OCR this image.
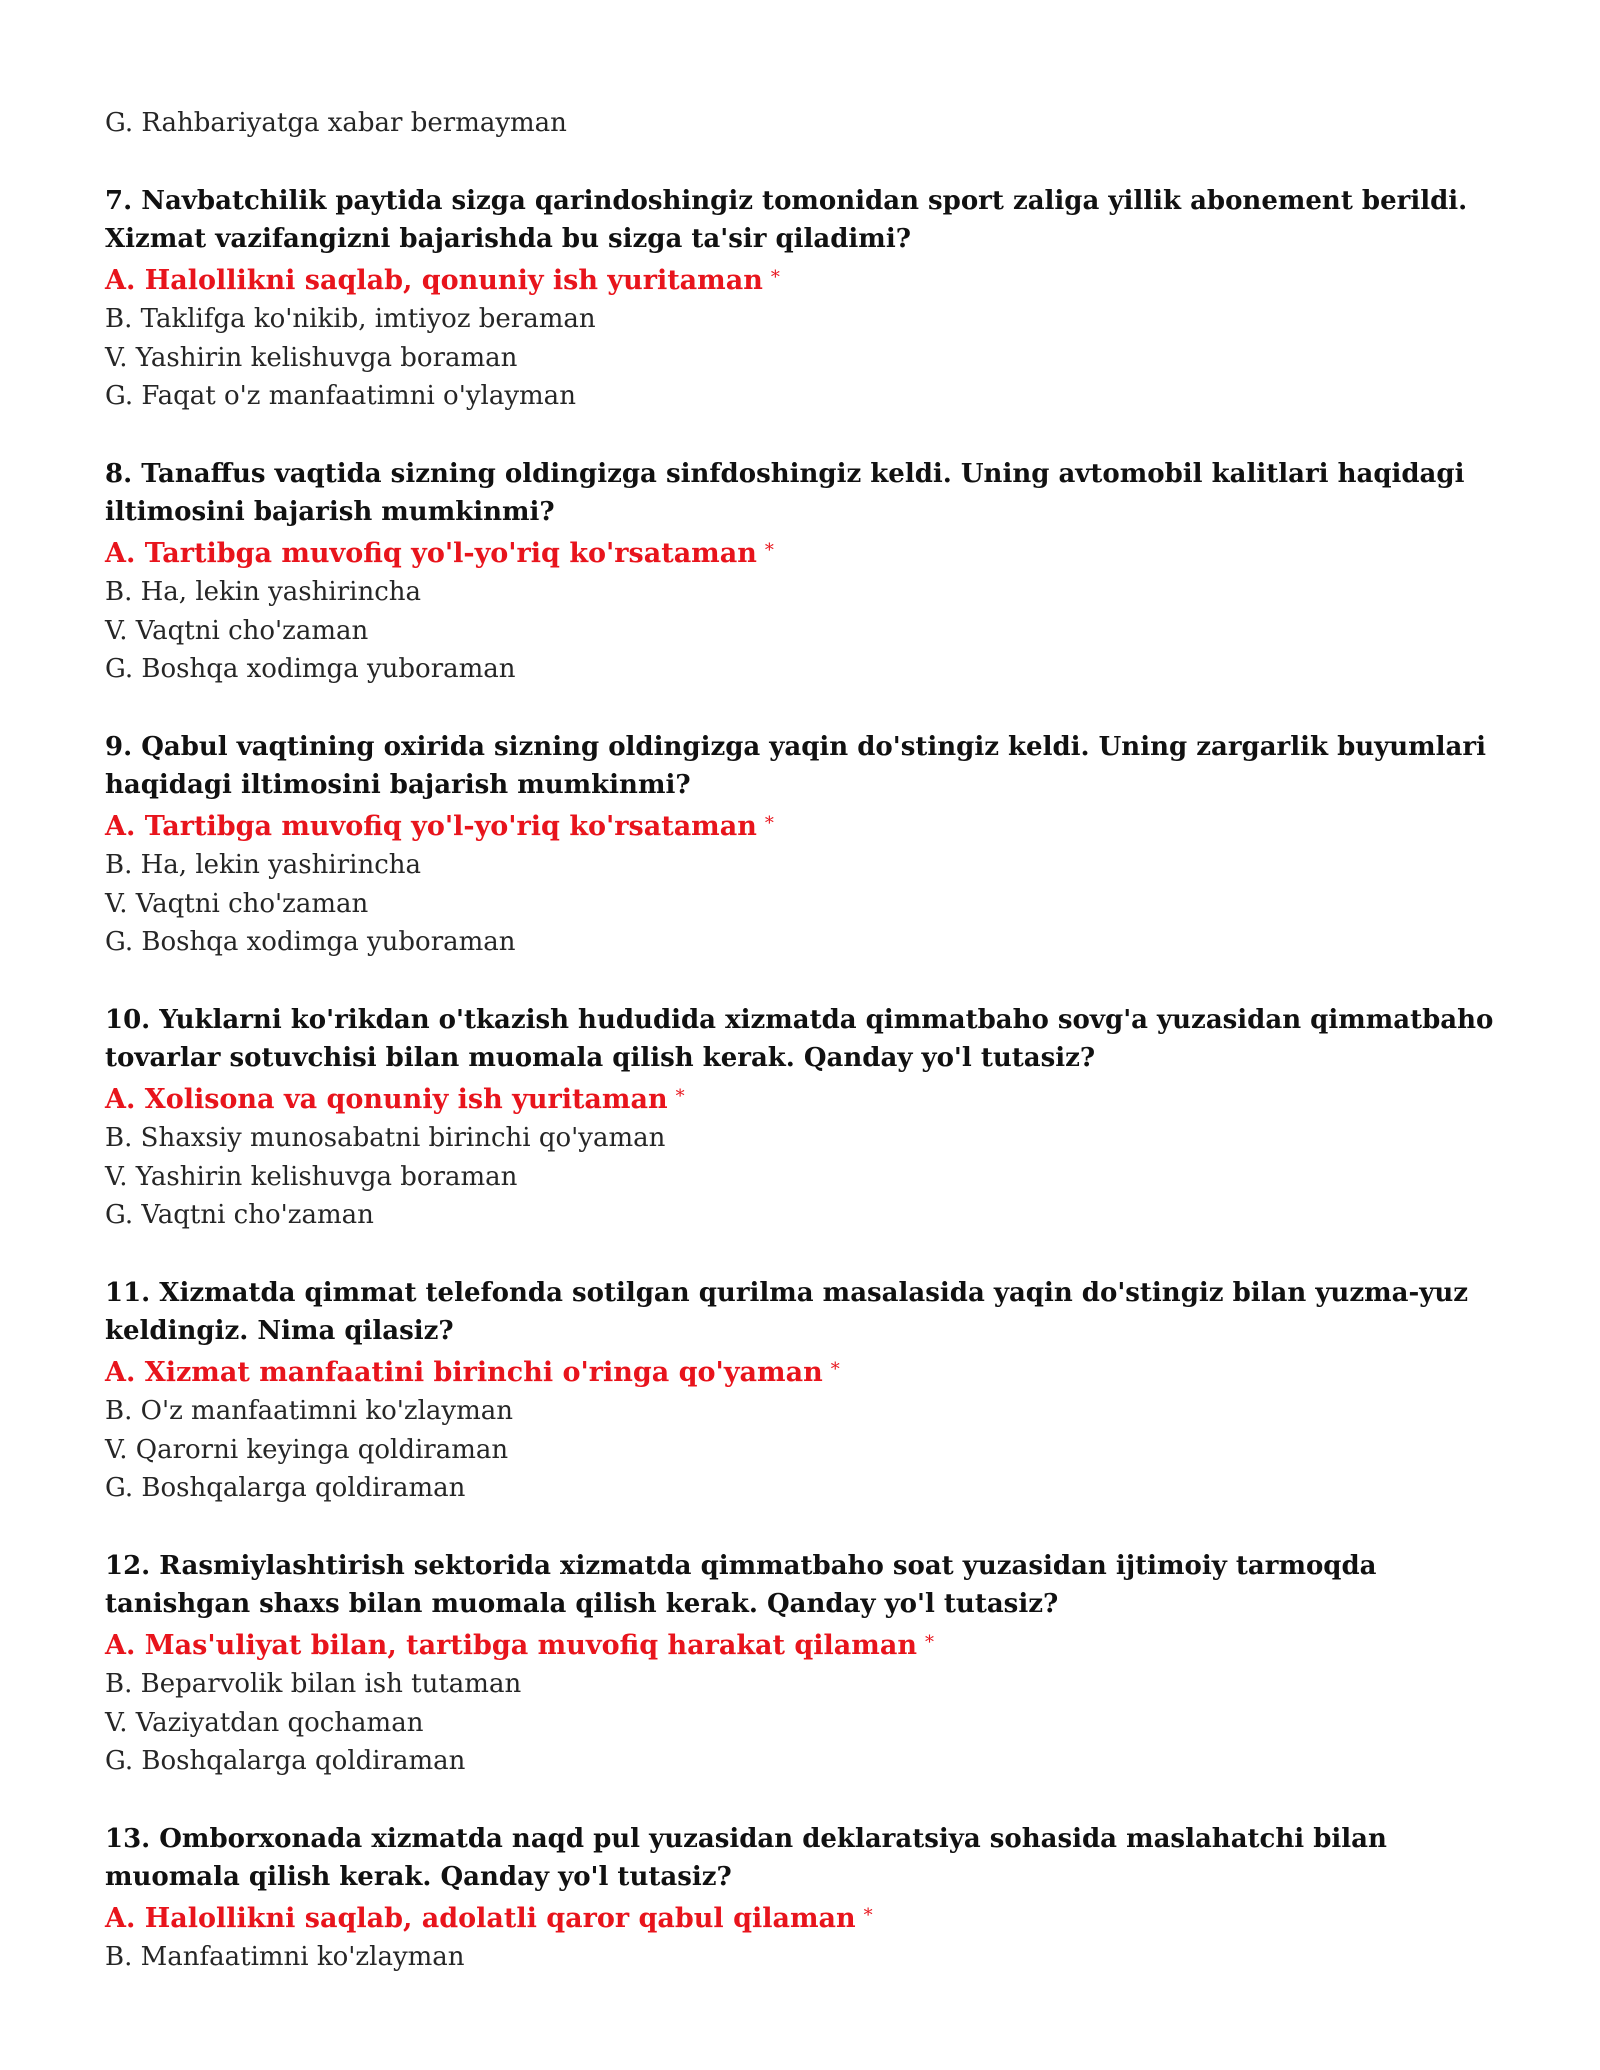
G. Rahbariyatga xabar bermayman

7. Navbatchilik paytida sizga qarindoshingiz tomonidan sport zaliga yillik abonement berildi. Xizmat vazifangizni bajarishda bu sizga ta'sir qiladimi?

A. Halollikni saqlab, qonuniy ish yuritaman *

B. Taklifga ko'nikib, imtiyoz beraman

V. Yashirin kelishuvga boraman

G. Faqat o'z manfaatimni o'ylayman

8. Tanaffus vaqtida sizning oldingizga sinfdoshingiz keldi. Uning avtomobil kalitlari haqidagi iltimosini bajarish mumkinmi?

A. Tartibga muvofiq yo'l-yo'riq ko'rsataman *

B. Ha, lekin yashirincha

V. Vaqtni cho'zaman

G. Boshqa xodimga yuboraman

9. Qabul vaqtining oxirida sizning oldingizga yaqin do'stingiz keldi. Uning zargarlik buyumlari haqidagi iltimosini bajarish mumkinmi?

A. Tartibga muvofiq yo'l-yo'riq ko'rsataman *

B. Ha, lekin yashirincha

V. Vaqtni cho'zaman

G. Boshqa xodimga yuboraman

10. Yuklarni ko'rikdan o'tkazish hududida xizmatda qimmatbaho sovg'a yuzasidan qimmatbaho tovarlar sotuvchisi bilan muomala qilish kerak. Qanday yo'l tutasiz?

A. Xolisona va qonuniy ish yuritaman *

B. Shaxsiy munosabatni birinchi qo'yaman

V. Yashirin kelishuvga boraman

G. Vaqtni cho'zaman

11. Xizmatda qimmat telefonda sotilgan qurilma masalasida yaqin do'stingiz bilan yuzma-yuz keldingiz. Nima qilasiz?

A. Xizmat manfaatini birinchi o'ringa qo'yaman *

B. O'z manfaatimni ko'zlayman

V. Qarorni keyinga qoldiraman

G. Boshqalarga qoldiraman

12. Rasmiylashtirish sektorida xizmatda qimmatbaho soat yuzasidan ijtimoiy tarmoqda tanishgan shaxs bilan muomala qilish kerak. Qanday yo'l tutasiz?

A. Mas'uliyat bilan, tartibga muvofiq harakat qilaman *

B. Beparvolik bilan ish tutaman

V. Vaziyatdan qochaman

G. Boshqalarga qoldiraman

13. Omborxonada xizmatda naqd pul yuzasidan deklaratsiya sohasida maslahatchi bilan muomala qilish kerak. Qanday yo'l tutasiz?

A. Halollikni saqlab, adolatli qaror qabul qilaman *

B. Manfaatimni ko'zlayman
